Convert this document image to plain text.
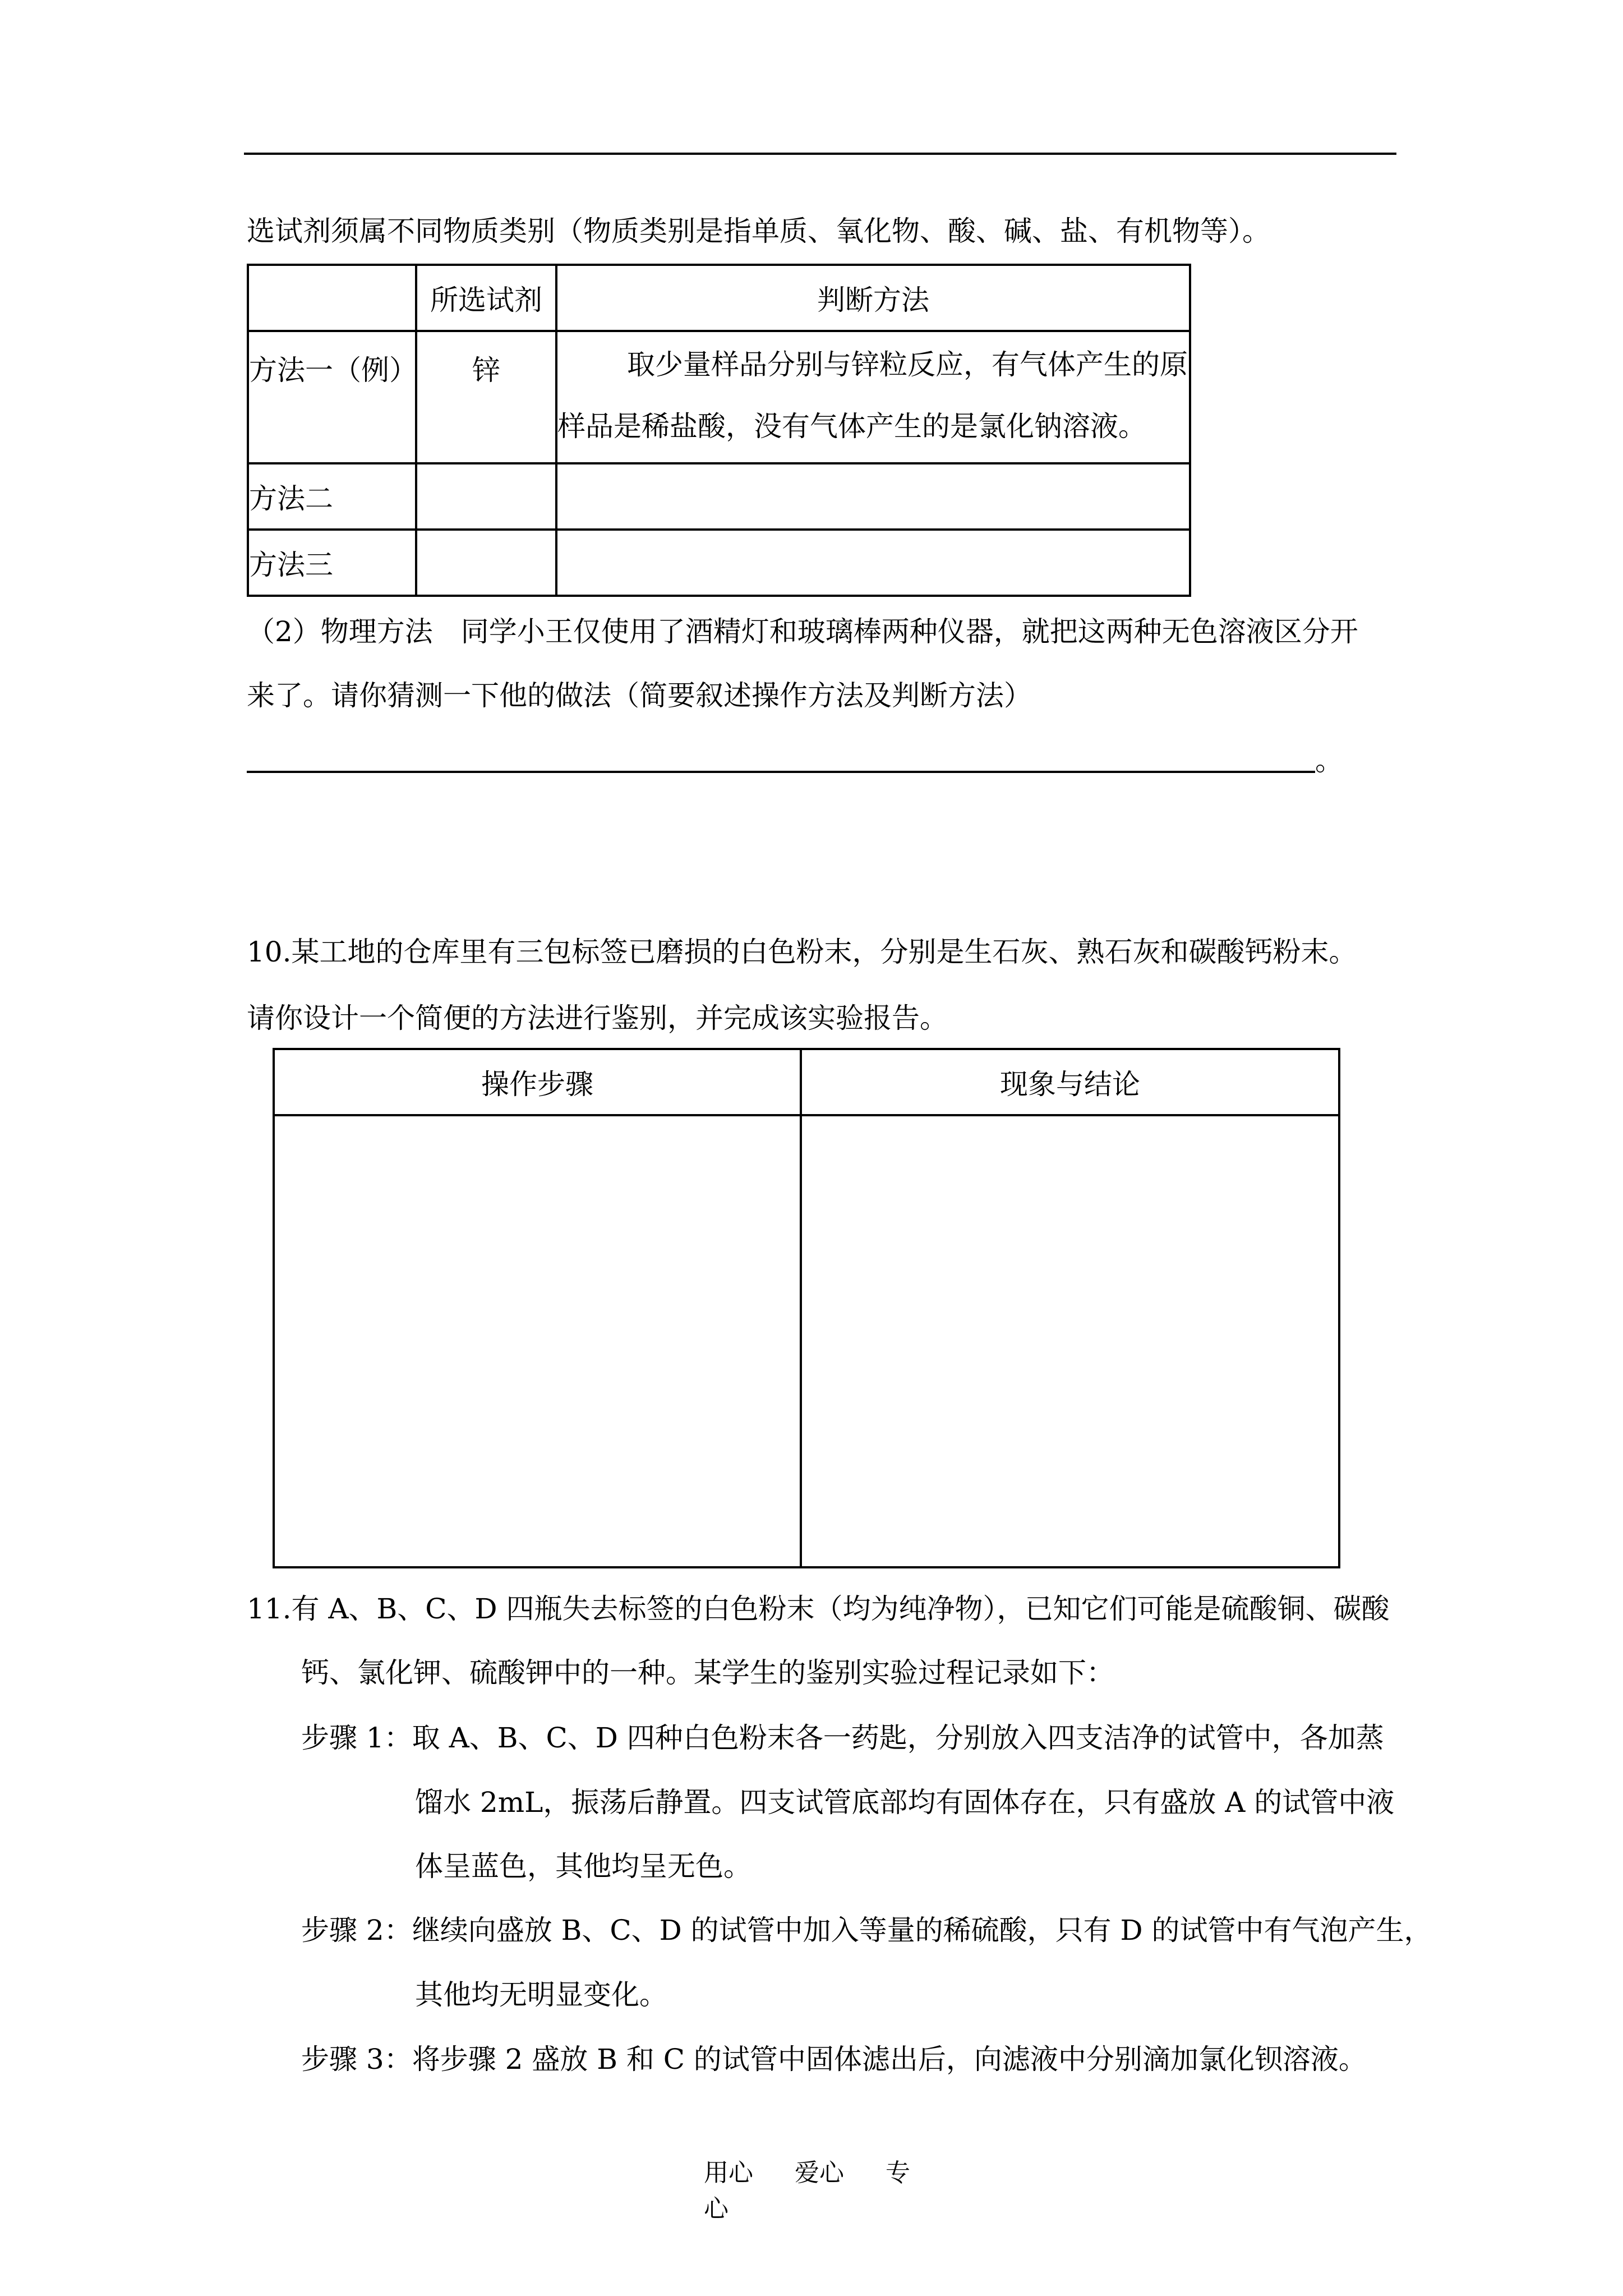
选试剂须属不同物质类别（物质类别是指单质、氧化物、酸、碱、盐、有机物等）。
	所选试剂	判断方法
方法一（例）	锌	取少量样品分别与锌粒反应，有气体产生的原
样品是稀盐酸，没有气体产生的是氯化钠溶液。

方法二		
方法三		
（2）物理方法　同学小王仅使用了酒精灯和玻璃棒两种仪器，就把这两种无色溶液区分开
来了。请你猜测一下他的做法（简要叙述操作方法及判断方法）
。
10.某工地的仓库里有三包标签已磨损的白色粉末，分别是生石灰、熟石灰和碳酸钙粉末。
请你设计一个简便的方法进行鉴别，并完成该实验报告。
操作步骤	现象与结论

11.有 A、B、C、D 四瓶失去标签的白色粉末（均为纯净物），已知它们可能是硫酸铜、碳酸
钙、氯化钾、硫酸钾中的一种。某学生的鉴别实验过程记录如下：
步骤 1：取 A、B、C、D 四种白色粉末各一药匙，分别放入四支洁净的试管中，各加蒸
馏水 2mL，振荡后静置。四支试管底部均有固体存在，只有盛放 A 的试管中液
体呈蓝色，其他均呈无色。
步骤 2：继续向盛放 B、C、D 的试管中加入等量的稀硫酸，只有 D 的试管中有气泡产生，
其他均无明显变化。
步骤 3：将步骤 2 盛放 B 和 C 的试管中固体滤出后，向滤液中分别滴加氯化钡溶液。
用心 爱心 专心
